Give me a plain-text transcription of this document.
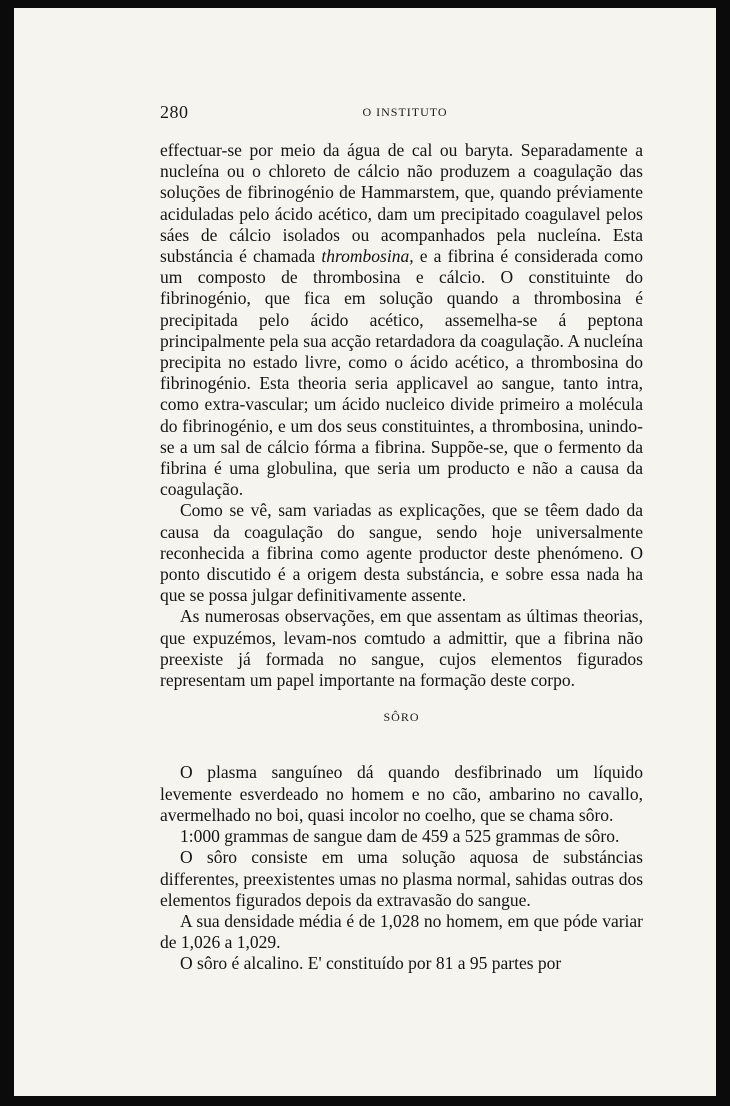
280	O INSTITUTO

effectuar-se por meio da água de cal ou baryta. Separadamente a nucleína ou o chloreto de cálcio não produzem a coagulação das soluções de fibrinogénio de Hammarstem, que, quando préviamente aciduladas pelo ácido acético, dam um precipitado coagulavel pelos sáes de cálcio isolados ou acompanhados pela nucleína. Esta substáncia é chamada thrombosina, e a fibrina é considerada como um composto de thrombosina e cálcio. O constituinte do fibrinogénio, que fica em solução quando a thrombosina é precipitada pelo ácido acético, assemelha-se á peptona principalmente pela sua acção retardadora da coagulação. A nucleína precipita no estado livre, como o ácido acético, a thrombosina do fibrinogénio. Esta theoria seria applicavel ao sangue, tanto intra, como extra-vascular; um ácido nucleico divide primeiro a molécula do fibrinogénio, e um dos seus constituintes, a thrombosina, unindo-se a um sal de cálcio fórma a fibrina. Suppõe-se, que o fermento da fibrina é uma globulina, que seria um producto e não a causa da coagulação.

Como se vê, sam variadas as explicações, que se têem dado da causa da coagulação do sangue, sendo hoje universalmente reconhecida a fibrina como agente productor deste phenómeno. O ponto discutido é a origem desta substáncia, e sobre essa nada ha que se possa julgar definitivamente assente.

As numerosas observações, em que assentam as últimas theorias, que expuzémos, levam-nos comtudo a admittir, que a fibrina não preexiste já formada no sangue, cujos elementos figurados representam um papel importante na formação deste corpo.

SÔRO

O plasma sanguíneo dá quando desfibrinado um líquido levemente esverdeado no homem e no cão, ambarino no cavallo, avermelhado no boi, quasi incolor no coelho, que se chama sôro.

1:000 grammas de sangue dam de 459 a 525 grammas de sôro.

O sôro consiste em uma solução aquosa de substáncias differentes, preexistentes umas no plasma normal, sahidas outras dos elementos figurados depois da extravasão do sangue.

A sua densidade média é de 1,028 no homem, em que póde variar de 1,026 a 1,029.

O sôro é alcalino. E' constituído por 81 a 95 partes por
